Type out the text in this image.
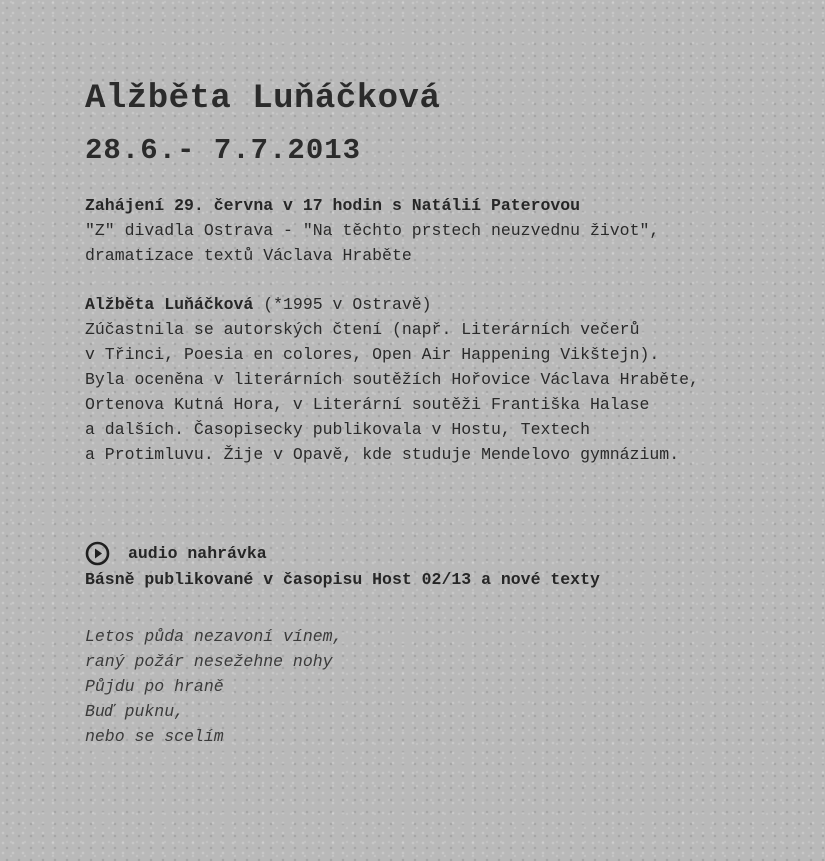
Alžběta Luňáčková
28.6.- 7.7.2013
Zahájení 29. června v 17 hodin s Natálií Paterovou
"Z" divadla Ostrava - "Na těchto prstech neuzvednu život",
dramatizace textů Václava Hraběte
Alžběta Luňáčková (*1995 v Ostravě)
Zúčastnila se autorských čtení (např. Literárních večerů
v Třinci, Poesia en colores, Open Air Happening Vikštejn).
Byla oceněna v literárních soutěžích Hořovice Václava Hraběte,
Ortenova Kutná Hora, v Literární soutěži Františka Halase
a dalších. Časopisecky publikovala v Hostu, Textech
a Protimluvu. Žije v Opavě, kde studuje Mendelovo gymnázium.
audio nahrávka
Básně publikované v časopisu Host 02/13 a nové texty
Letos půda nezavoní vínem,
raný požár nesežehne nohy
Půjdu po hraně
Buď puknu,
nebo se scelím
